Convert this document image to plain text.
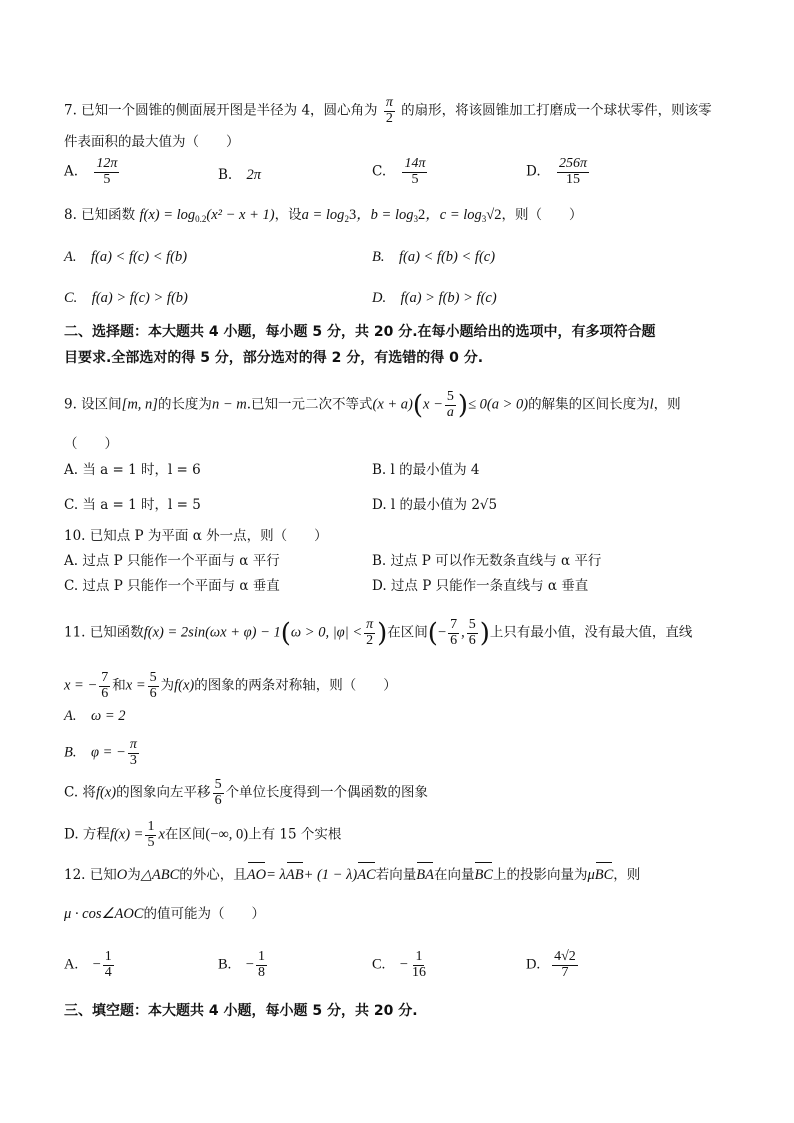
7. 已知一个圆锥的侧面展开图是半径为 4，圆心角为 $\frac{\pi}{2}$ 的扇形，将该圆锥加工打磨成一个球状零件，则该零
件表面积的最大值为（　　）
A. $\frac{12\pi}{5}$	B. 2π	C. $\frac{14\pi}{5}$	D. $\frac{256\pi}{15}$
8. 已知函数 $f(x) = \log_{0.2}(x^2 - x + 1)$，设$a = \log_23$，$b = \log_32$，$c = \log_3√2$，则（　　）
A.　f(a) < f(c) < f(b)	B.　f(a) < f(b) < f(c)
C.　f(a) > f(c) > f(b)	D.　f(a) > f(b) > f(c)
二、选择题：本大题共 4 小题，每小题 5 分，共 20 分.在每小题给出的选项中，有多项符合题
目要求.全部选对的得 5 分，部分选对的得 2 分，有选错的得 0 分.
9. 设区间[m, n]的长度为n − m.已知一元二次不等式$(x + a)(x - \frac{5}{a}$ )≤ 0(a > 0)的解集的区间长度为l，则
（　　）
A. 当 a = 1 时，l = 6	B. l 的最小值为 4
C. 当 a = 1 时，l = 5	D. l 的最小值为 2√5
10. 已知点 P 为平面 α 外一点，则（　　）
A. 过点 P 只能作一个平面与 α 平行	B. 过点 P 可以作无数条直线与 α 平行
C. 过点 P 只能作一个平面与 α 垂直	D. 过点 P 只能作一条直线与 α 垂直
11. 已知函数f(x) = 2sin(ωx + φ) − 1(ω > 0, $|\varphi| < \frac{\pi}{2}$ )在区间(− $\frac{7}{6}$ , $\frac{5}{6}$ )上只有最小值，没有最大值，直线
x = − $\frac{7}{6}$ 和$x = \frac{5}{6}$ 为f(x)的图象的两条对称轴，则（　　）
A.　ω = 2
B.　φ = − $\frac{\pi}{3}$
C. 将f(x)的图象向左平移 $\frac{5}{6}$ 个单位长度得到一个偶函数的图象
D. 方程$f(x) = \frac{1}{5}$ x在区间(−∞, 0)上有 15 个实根
12. 已知O为△ABC的外心，且AO= λAB+ (1 − λ)AC若向量BA在向量BC上的投影向量为μBC，则
μ · cos∠AOC的值可能为（　　）
A.　− $\frac{1}{4}$	B.　− $\frac{1}{8}$	C.　− $\frac{1}{16}$	D. $\frac{4√2}{7}$
三、填空题：本大题共 4 小题，每小题 5 分，共 20 分.
